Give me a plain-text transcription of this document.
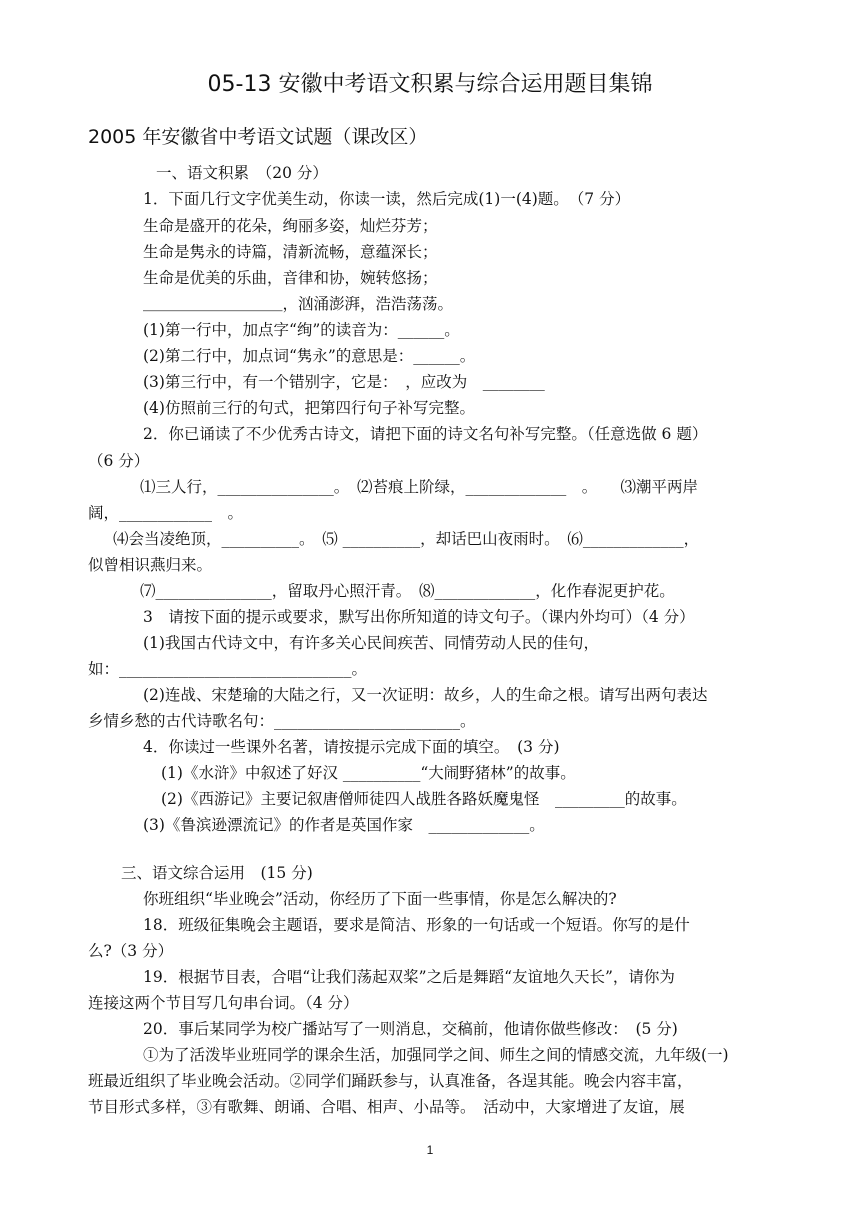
05-13 安徽中考语文积累与综合运用题目集锦
2005 年安徽省中考语文试题（课改区）
一、语文积累　（20 分）
1．下面几行文字优美生动，你读一读，然后完成(1)一(4)题。　（7 分）
生命是盛开的花朵，绚丽多姿，灿烂芬芳；
生命是隽永的诗篇，清新流畅，意蕴深长；
生命是优美的乐曲，音律和协，婉转悠扬；
＿＿＿＿＿＿＿＿＿，汹涌澎湃，浩浩荡荡。
(1)第一行中，加点字“绚”的读音为：______。
(2)第二行中，加点词“隽永”的意思是：______。
(3)第三行中，有一个错别字，它是：　，应改为　________
(4)仿照前三行的句式，把第四行句子补写完整。
2．你已诵读了不少优秀古诗文，请把下面的诗文名句补写完整。（任意选做 6 题）
（6 分）
⑴三人行，_______________。　⑵苔痕上阶绿，_____________　。　　⑶潮平两岸
阔，____________　。
⑷会当凌绝顶，__________。　⑸ __________，却话巴山夜雨时。　⑹_____________，
似曾相识燕归来。
⑺_______________，留取丹心照汗青。　⑻_____________，化作春泥更护花。
3　请按下面的提示或要求，默写出你所知道的诗文句子。（课内外均可）（4 分）
(1)我国古代诗文中，有许多关心民间疾苦、同情劳动人民的佳句，
如：______________________________。
(2)连战、宋楚瑜的大陆之行，又一次证明：故乡，人的生命之根。请写出两句表达
乡情乡愁的古代诗歌名句：________________________。
4．你读过一些课外名著，请按提示完成下面的填空。　(3 分)
(1)《水浒》中叙述了好汉 __________“大闹野猪林”的故事。
(2)《西游记》主要记叙唐僧师徒四人战胜各路妖魔鬼怪　_________的故事。
(3)《鲁滨逊漂流记》的作者是英国作家　_____________。
三、语文综合运用　(15 分)
你班组织“毕业晚会”活动，你经历了下面一些事情，你是怎么解决的?
18．班级征集晚会主题语，要求是简洁、形象的一句话或一个短语。你写的是什
么?（3 分）
19．根据节目表，合唱“让我们荡起双桨”之后是舞蹈“友谊地久天长”，请你为
连接这两个节目写几句串台词。（4 分）
20．事后某同学为校广播站写了一则消息，交稿前，他请你做些修改：　(5 分)
①为了活泼毕业班同学的课余生活，加强同学之间、师生之间的情感交流，九年级(一)
班最近组织了毕业晚会活动。②同学们踊跃参与，认真准备，各逞其能。晚会内容丰富，
节目形式多样，③有歌舞、朗诵、合唱、相声、小品等。　活动中，大家增进了友谊，展
1
